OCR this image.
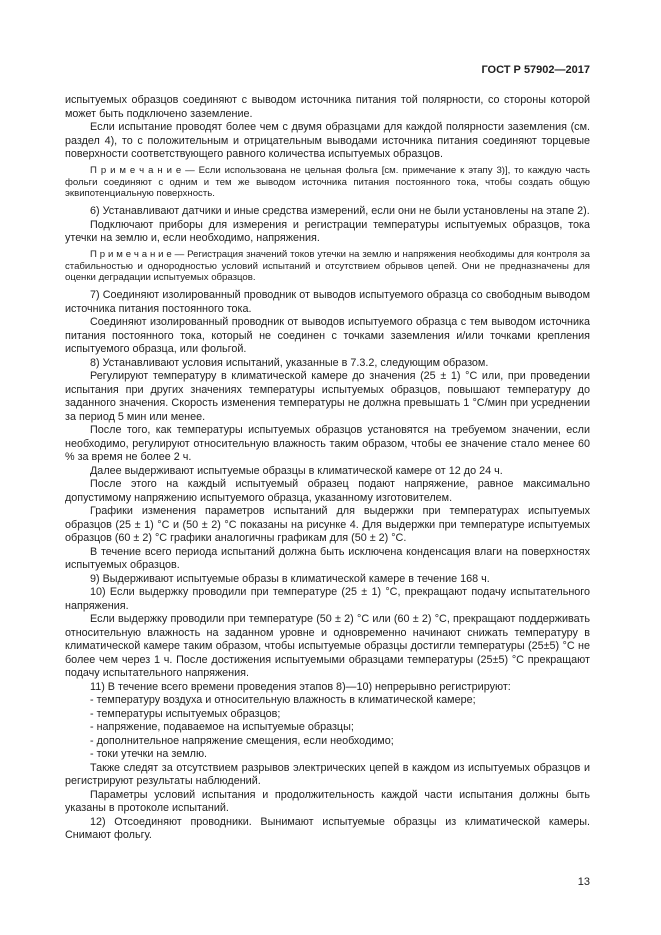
ГОСТ Р 57902—2017

испытуемых образцов соединяют с выводом источника питания той полярности, со стороны которой может быть подключено заземление.

Если испытание проводят более чем с двумя образцами для каждой полярности заземления (см. раздел 4), то с положительным и отрицательным выводами источника питания соединяют торцевые поверхности соответствующего равного количества испытуемых образцов.

П р и м е ч а н и е — Если использована не цельная фольга [см. примечание к этапу 3)], то каждую часть фольги соединяют с одним и тем же выводом источника питания постоянного тока, чтобы создать общую эквипотенциальную поверхность.

6) Устанавливают датчики и иные средства измерений, если они не были установлены на этапе 2).

Подключают приборы для измерения и регистрации температуры испытуемых образцов, тока утечки на землю и, если необходимо, напряжения.

П р и м е ч а н и е — Регистрация значений токов утечки на землю и напряжения необходимы для контроля за стабильностью и однородностью условий испытаний и отсутствием обрывов цепей. Они не предназначены для оценки деградации испытуемых образцов.

7) Соединяют изолированный проводник от выводов испытуемого образца со свободным выводом источника питания постоянного тока.

Соединяют изолированный проводник от выводов испытуемого образца с тем выводом источника питания постоянного тока, который не соединен с точками заземления и/или точками крепления испытуемого образца, или фольгой.

8) Устанавливают условия испытаний, указанные в 7.3.2, следующим образом.

Регулируют температуру в климатической камере до значения (25 ± 1) °C или, при проведении испытания при других значениях температуры испытуемых образцов, повышают температуру до заданного значения. Скорость изменения температуры не должна превышать 1 °C/мин при усреднении за период 5 мин или менее.

После того, как температуры испытуемых образцов установятся на требуемом значении, если необходимо, регулируют относительную влажность таким образом, чтобы ее значение стало менее 60 % за время не более 2 ч.

Далее выдерживают испытуемые образцы в климатической камере от 12 до 24 ч.

После этого на каждый испытуемый образец подают напряжение, равное максимально допустимому напряжению испытуемого образца, указанному изготовителем.

Графики изменения параметров испытаний для выдержки при температурах испытуемых образцов (25 ± 1) °C и (50 ± 2) °C показаны на рисунке 4. Для выдержки при температуре испытуемых образцов (60 ± 2) °C графики аналогичны графикам для (50 ± 2) °C.

В течение всего периода испытаний должна быть исключена конденсация влаги на поверхностях испытуемых образцов.

9) Выдерживают испытуемые образы в климатической камере в течение 168 ч.

10) Если выдержку проводили при температуре (25 ± 1) °C, прекращают подачу испытательного напряжения.

Если выдержку проводили при температуре (50 ± 2) °C или (60 ± 2) °C, прекращают поддерживать относительную влажность на заданном уровне и одновременно начинают снижать температуру в климатической камере таким образом, чтобы испытуемые образцы достигли температуры (25±5) °C не более чем через 1 ч. После достижения испытуемыми образцами температуры (25±5) °C прекращают подачу испытательного напряжения.

11) В течение всего времени проведения этапов 8)—10) непрерывно регистрируют:

- температуру воздуха и относительную влажность в климатической камере;

- температуры испытуемых образцов;

- напряжение, подаваемое на испытуемые образцы;

- дополнительное напряжение смещения, если необходимо;

- токи утечки на землю.

Также следят за отсутствием разрывов электрических цепей в каждом из испытуемых образцов и регистрируют результаты наблюдений.

Параметры условий испытания и продолжительность каждой части испытания должны быть указаны в протоколе испытаний.

12) Отсоединяют проводники. Вынимают испытуемые образцы из климатической камеры. Снимают фольгу.

13
